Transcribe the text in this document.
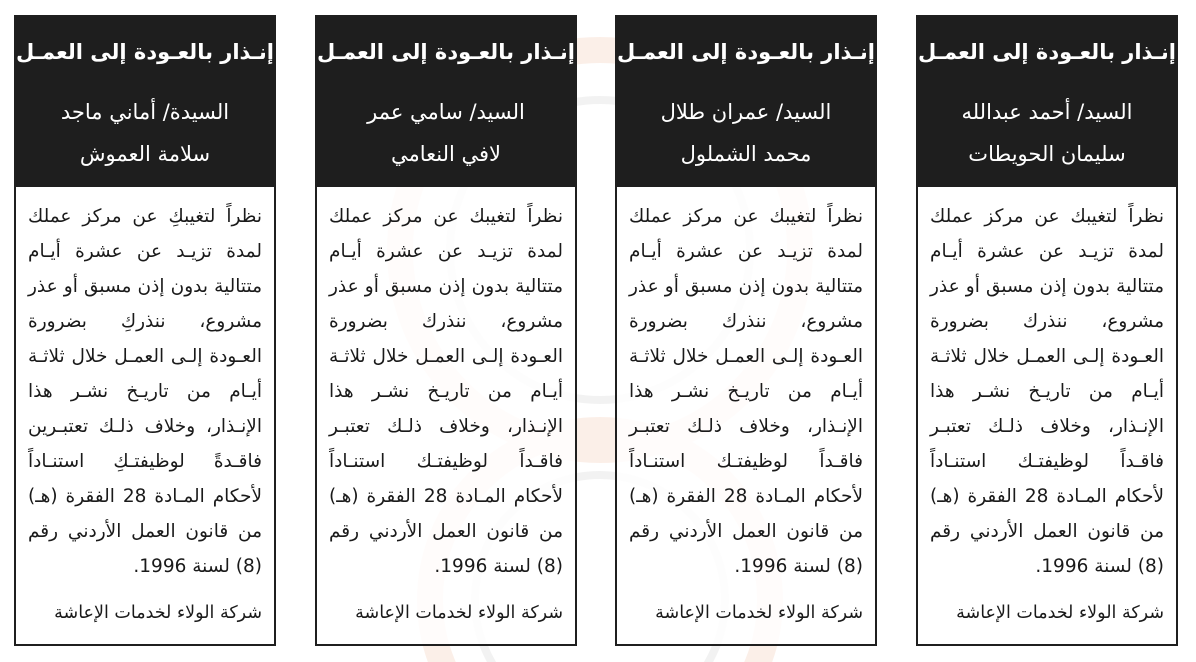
إنـذار بالعـودة إلى العمـل
السيد/ أحمد عبدالله
سليمان الحويطات
نظراً لتغيبك عن مركز عملك لمدة تزيـد عن عشرة أيـام متتالية بدون إذن مسبق أو عذر مشروع، ننذرك بضرورة العـودة إلـى العمـل خلال ثلاثـة أيـام من تاريـخ نشـر هذا الإنـذار، وخلاف ذلـك تعتبـر فاقـداً لوظيفتـك استنـاداً لأحكام المـادة 28 الفقرة (هـ) من قانون العمل الأردني رقم (8) لسنة 1996.
شركة الولاء لخدمات الإعاشة
إنـذار بالعـودة إلى العمـل
السيد/ عمران طلال
محمد الشملول
نظراً لتغيبك عن مركز عملك لمدة تزيـد عن عشرة أيـام متتالية بدون إذن مسبق أو عذر مشروع، ننذرك بضرورة العـودة إلـى العمـل خلال ثلاثـة أيـام من تاريـخ نشـر هذا الإنـذار، وخلاف ذلـك تعتبـر فاقـداً لوظيفتـك استنـاداً لأحكام المـادة 28 الفقرة (هـ) من قانون العمل الأردني رقم (8) لسنة 1996.
شركة الولاء لخدمات الإعاشة
إنـذار بالعـودة إلى العمـل
السيد/ سامي عمر
لافي النعامي
نظراً لتغيبك عن مركز عملك لمدة تزيـد عن عشرة أيـام متتالية بدون إذن مسبق أو عذر مشروع، ننذرك بضرورة العـودة إلـى العمـل خلال ثلاثـة أيـام من تاريـخ نشـر هذا الإنـذار، وخلاف ذلـك تعتبـر فاقـداً لوظيفتـك استنـاداً لأحكام المـادة 28 الفقرة (هـ) من قانون العمل الأردني رقم (8) لسنة 1996.
شركة الولاء لخدمات الإعاشة
إنـذار بالعـودة إلى العمـل
السيدة/ أماني ماجد
سلامة العموش
نظراً لتغيبكِ عن مركز عملك لمدة تزيـد عن عشرة أيـام متتالية بدون إذن مسبق أو عذر مشروع، ننذركِ بضرورة العـودة إلـى العمـل خلال ثلاثـة أيـام من تاريـخ نشـر هذا الإنـذار، وخلاف ذلـك تعتبـرين فاقـدةً لوظيفتـكِ استنـاداً لأحكام المـادة 28 الفقرة (هـ) من قانون العمل الأردني رقم (8) لسنة 1996.
شركة الولاء لخدمات الإعاشة
